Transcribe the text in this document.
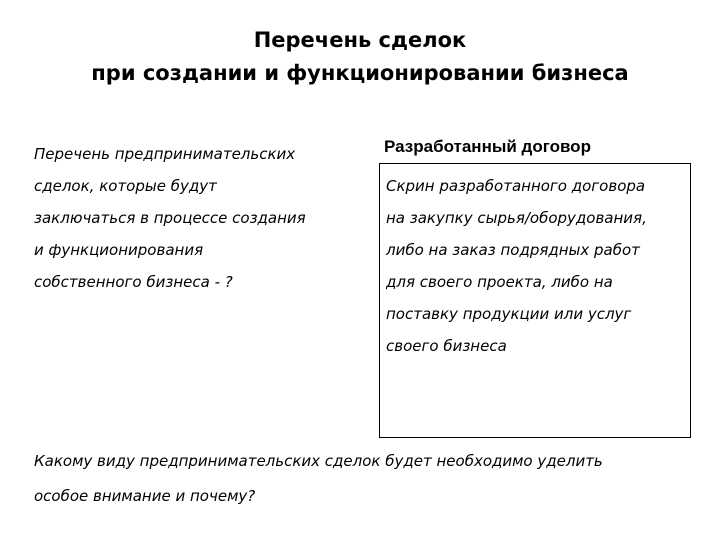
Перечень сделок
при создании и функционировании бизнеса
Перечень предпринимательских
сделок, которые будут
заключаться в процессе создания
и функционирования
собственного бизнеса - ?
Разработанный договор
Скрин разработанного договора
на закупку сырья/оборудования,
либо на заказ подрядных работ
для своего проекта, либо на
поставку продукции или услуг
своего бизнеса
Какому виду предпринимательских сделок будет необходимо уделить
особое внимание и почему?
